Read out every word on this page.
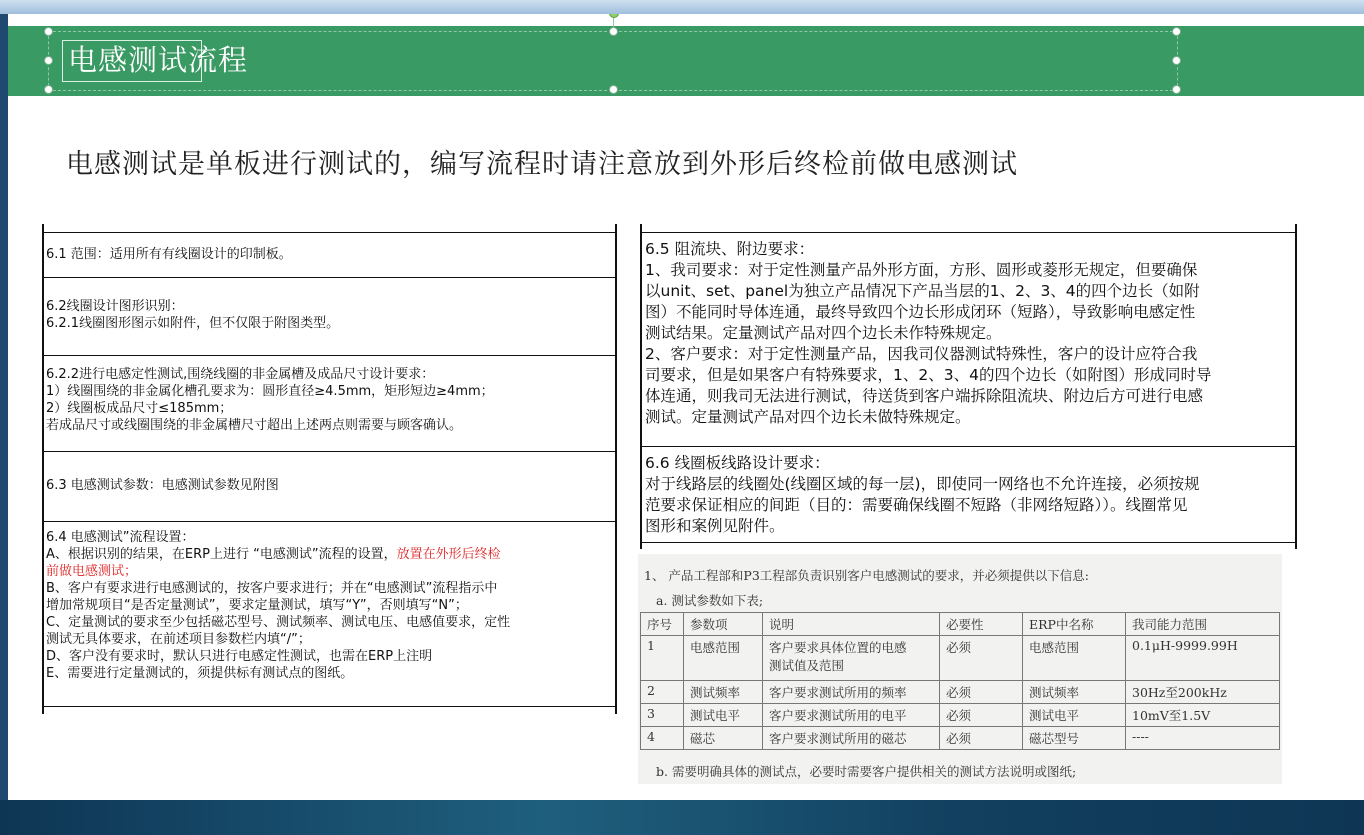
电感测试流程
电感测试是单板进行测试的，编写流程时请注意放到外形后终检前做电感测试
6.1 范围：适用所有有线圈设计的印制板。
6.2线圈设计图形识别：
6.2.1线圈图形图示如附件，但不仅限于附图类型。
6.2.2进行电感定性测试,围绕线圈的非金属槽及成品尺寸设计要求：
1）线圈围绕的非金属化槽孔要求为：圆形直径≥4.5mm，矩形短边≥4mm；
2）线圈板成品尺寸≤185mm；
若成品尺寸或线圈围绕的非金属槽尺寸超出上述两点则需要与顾客确认。
6.3 电感测试参数：电感测试参数见附图
6.4 电感测试”流程设置：
A、根据识别的结果，在ERP上进行 “电感测试”流程的设置，放置在外形后终检
前做电感测试；
B、客户有要求进行电感测试的，按客户要求进行；并在“电感测试”流程指示中
增加常规项目“是否定量测试”，要求定量测试，填写“Y”，否则填写“N”；
C、定量测试的要求至少包括磁芯型号、测试频率、测试电压、电感值要求，定性
测试无具体要求，在前述项目参数栏内填“/”；
D、客户没有要求时，默认只进行电感定性测试，也需在ERP上注明
E、需要进行定量测试的，须提供标有测试点的图纸。
6.5 阻流块、附边要求：
1、我司要求：对于定性测量产品外形方面，方形、圆形或菱形无规定，但要确保
以unit、set、panel为独立产品情况下产品当层的1、2、3、4的四个边长（如附
图）不能同时导体连通，最终导致四个边长形成闭环（短路），导致影响电感定性
测试结果。定量测试产品对四个边长未作特殊规定。
2、客户要求：对于定性测量产品，因我司仪器测试特殊性，客户的设计应符合我
司要求，但是如果客户有特殊要求，1、2、3、4的四个边长（如附图）形成同时导
体连通，则我司无法进行测试，待送货到客户端拆除阻流块、附边后方可进行电感
测试。定量测试产品对四个边长未做特殊规定。
6.6 线圈板线路设计要求：
对于线路层的线圈处(线圈区域的每一层)，即使同一网络也不允许连接，必须按规
范要求保证相应的间距（目的：需要确保线圈不短路（非网络短路））。线圈常见
图形和案例见附件。
1、 产品工程部和P3工程部负责识别客户电感测试的要求，并必须提供以下信息:
a. 测试参数如下表;
序号	参数项	说明	必要性	ERP中名称	我司能力范围
1	电感范围	客户要求具体位置的电感
测试值及范围	必须	电感范围	0.1μH-9999.99H
2	测试频率	客户要求测试所用的频率	必须	测试频率	30Hz至200kHz
3	测试电平	客户要求测试所用的电平	必须	测试电平	10mV至1.5V
4	磁芯	客户要求测试所用的磁芯	必须	磁芯型号	----
b. 需要明确具体的测试点，必要时需要客户提供相关的测试方法说明或图纸;
